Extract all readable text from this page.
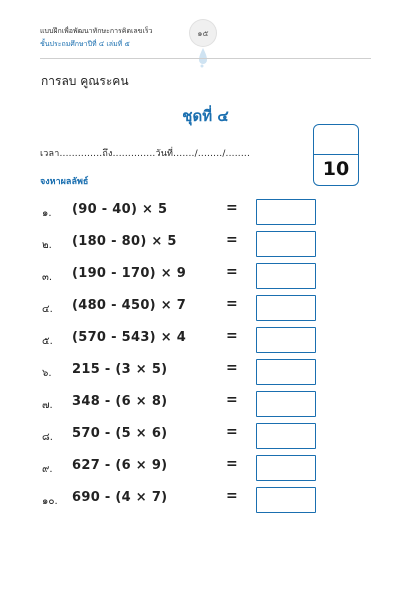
แบบฝึกเพื่อพัฒนาทักษะการคิดเลขเร็ว
ชั้นประถมศึกษาปีที่ ๔ เล่มที่ ๕
๑๕
การลบ คูณระคน
ชุดที่ ๔
เวลา..............ถึง..............วันที่......./......../........
10
จงหาผลลัพธ์
๑.	(90 - 40) × 5	=
๒.	(180 - 80) × 5	=
๓.	(190 - 170) × 9	=
๔.	(480 - 450) × 7	=
๕.	(570 - 543) × 4	=
๖.	215 - (3 × 5)	=
๗.	348 - (6 × 8)	=
๘.	570 - (5 × 6)	=
๙.	627 - (6 × 9)	=
๑๐.	690 - (4 × 7)	=
